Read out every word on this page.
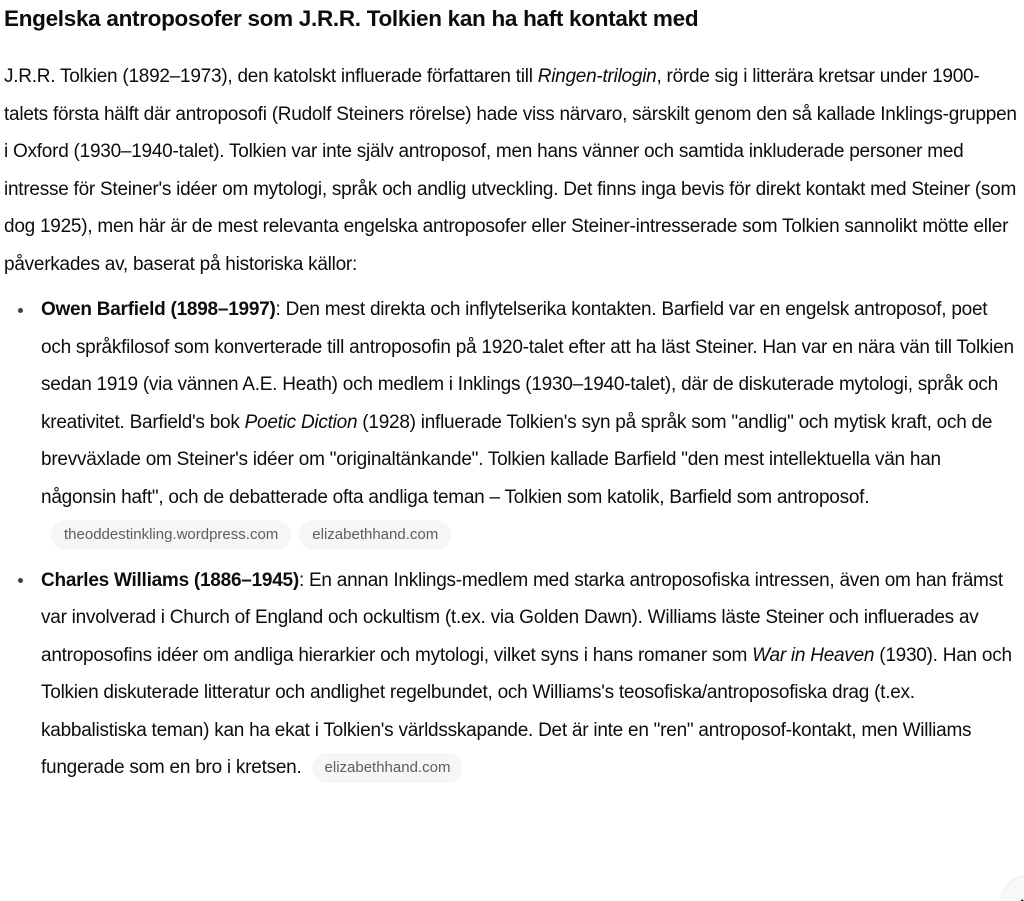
Engelska antroposofer som J.R.R. Tolkien kan ha haft kontakt med

J.R.R. Tolkien (1892–1973), den katolskt influerade författaren till Ringen-trilogin, rörde sig i litterära kretsar under 1900-talets första hälft där antroposofi (Rudolf Steiners rörelse) hade viss närvaro, särskilt genom den så kallade Inklings-gruppen i Oxford (1930–1940-talet). Tolkien var inte själv antroposof, men hans vänner och samtida inkluderade personer med intresse för Steiner's idéer om mytologi, språk och andlig utveckling. Det finns inga bevis för direkt kontakt med Steiner (som dog 1925), men här är de mest relevanta engelska antroposofer eller Steiner-intresserade som Tolkien sannolikt mötte eller påverkades av, baserat på historiska källor:

Owen Barfield (1898–1997): Den mest direkta och inflytelserika kontakten. Barfield var en engelsk antroposof, poet och språkfilosof som konverterade till antroposofin på 1920-talet efter att ha läst Steiner. Han var en nära vän till Tolkien sedan 1919 (via vännen A.E. Heath) och medlem i Inklings (1930–1940-talet), där de diskuterade mytologi, språk och kreativitet. Barfield's bok Poetic Diction (1928) influerade Tolkien's syn på språk som "andlig" och mytisk kraft, och de brevväxlade om Steiner's idéer om "originaltänkande". Tolkien kallade Barfield "den mest intellektuella vän han någonsin haft", och de debatterade ofta andliga teman – Tolkien som katolik, Barfield som antroposof.theoddestinkling.wordpress.com elizabethhand.com
Charles Williams (1886–1945): En annan Inklings-medlem med starka antroposofiska intressen, även om han främst var involverad i Church of England och ockultism (t.ex. via Golden Dawn). Williams läste Steiner och influerades av antroposofins idéer om andliga hierarkier och mytologi, vilket syns i hans romaner som War in Heaven (1930). Han och Tolkien diskuterade litteratur och andlighet regelbundet, och Williams's teosofiska/antroposofiska drag (t.ex. kabbalistiska teman) kan ha ekat i Tolkien's världsskapande. Det är inte en "ren" antroposof-kontakt, men Williams fungerade som en bro i kretsen. elizabethhand.com
